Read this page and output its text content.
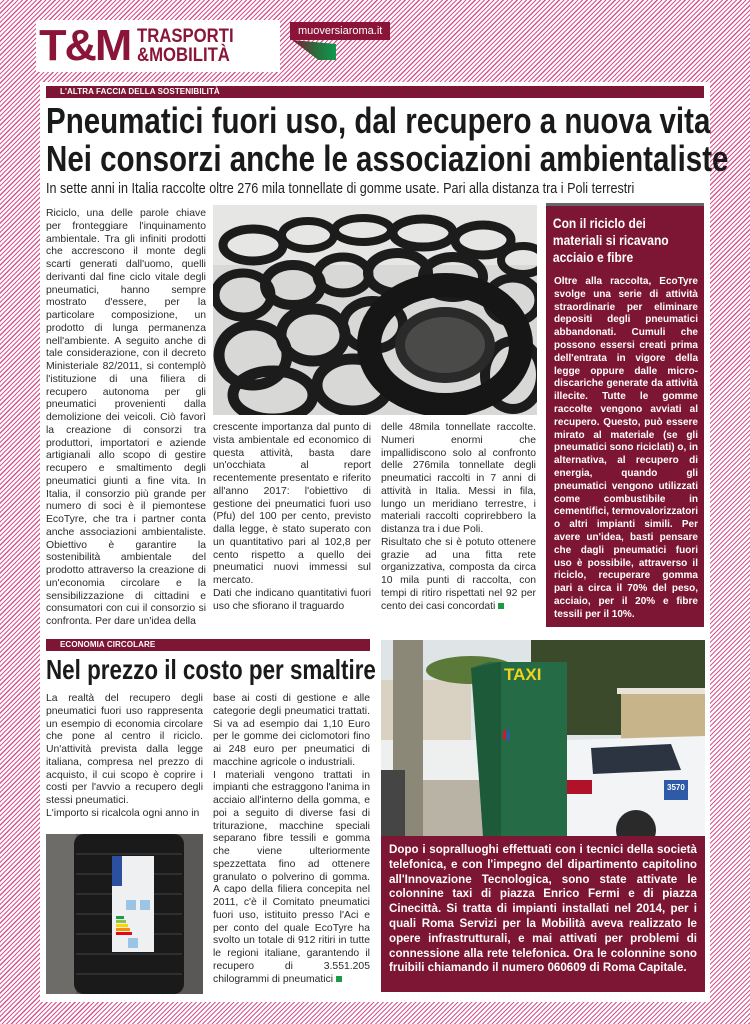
T&M TRASPORTI
&MOBILITÀ
muoversiaroma.it
L'ALTRA FACCIA DELLA SOSTENIBILITÀ
Pneumatici fuori uso, dal recupero a nuova vita
Nei consorzi anche le associazioni ambientaliste
In sette anni in Italia raccolte oltre 276 mila tonnellate di gomme usate. Pari alla distanza tra i Poli terrestri

Riciclo, una delle parole chiave per fronteggiare l'inquinamento ambientale. Tra gli infiniti prodotti che accrescono il monte degli scarti generati dall'uomo, quelli derivanti dal fine ciclo vitale degli pneumatici, hanno sempre mostrato d'essere, per la particolare composizione, un prodotto di lunga permanenza nell'ambiente. A seguito anche di tale considerazione, con il decreto Ministeriale 82/2011, si contemplò l'istituzione di una filiera di recupero autonoma per gli pneumatici provenienti dalla demolizione dei veicoli. Ciò favorì la creazione di consorzi tra produttori, importatori e aziende artigianali allo scopo di gestire recupero e smaltimento degli pneumatici giunti a fine vita. In Italia, il consorzio più grande per numero di soci è il piemontese EcoTyre, che tra i partner conta anche associazioni ambientaliste. Obiettivo è garantire la sostenibilità ambientale del prodotto attraverso la creazione di un'economia circolare e la sensibilizzazione di cittadini e consumatori con cui il consorzio si confronta. Per dare un'idea della

crescente importanza dal punto di vista ambientale ed economico di questa attività, basta dare un'occhiata al report recentemente presentato e riferito all'anno 2017: l'obiettivo di gestione dei pneumatici fuori uso (Pfu) del 100 per cento, previsto dalla legge, è stato superato con un quantitativo pari al 102,8 per cento rispetto a quello dei pneumatici nuovi immessi sul mercato.

Dati che indicano quantitativi fuori uso che sfiorano il traguardo

delle 48mila tonnellate raccolte. Numeri enormi che impallidiscono solo al confronto delle 276mila tonnellate degli pneumatici raccolti in 7 anni di attività in Italia. Messi in fila, lungo un meridiano terrestre, i materiali raccolti coprirebbero la distanza tra i due Poli.

Risultato che si è potuto ottenere grazie ad una fitta rete organizzativa, composta da circa 10 mila punti di raccolta, con tempi di ritiro rispettati nel 92 per cento dei casi concordati

Con il riciclo dei materiali si ricavano acciaio e fibre
Oltre alla raccolta, EcoTyre svolge una serie di attività straordinarie per eliminare depositi degli pneumatici abbandonati. Cumuli che possono essersi creati prima dell'entrata in vigore della legge oppure dalle micro-discariche generate da attività illecite. Tutte le gomme raccolte vengono avviati al recupero. Questo, può essere mirato al materiale (se gli pneumatici sono riciclati) o, in alternativa, al recupero di energia, quando gli pneumatici vengono utilizzati come combustibile in cementifici, termovalorizzatori o altri impianti simili. Per avere un'idea, basti pensare che dagli pneumatici fuori uso è possibile, attraverso il riciclo, recuperare gomma pari a circa il 70% del peso, acciaio, per il 20% e fibre tessili per il 10%.
ECONOMIA CIRCOLARE
Nel prezzo il costo per smaltire

La realtà del recupero degli pneumatici fuori uso rappresenta un esempio di economia circolare che pone al centro il riciclo. Un'attività prevista dalla legge italiana, compresa nel prezzo di acquisto, il cui scopo è coprire i costi per l'avvio a recupero degli stessi pneumatici.

L'importo si ricalcola ogni anno in

base ai costi di gestione e alle categorie degli pneumatici trattati. Si va ad esempio dai 1,10 Euro per le gomme dei ciclomotori fino ai 248 euro per pneumatici di macchine agricole o industriali.

I materiali vengono trattati in impianti che estraggono l'anima in acciaio all'interno della gomma, e poi a seguito di diverse fasi di triturazione, macchine speciali separano fibre tessili e gomma che viene ulteriormente spezzettata fino ad ottenere granulato o polverino di gomma. A capo della filiera concepita nel 2011, c'è il Comitato pneumatici fuori uso, istituito presso l'Aci e per conto del quale EcoTyre ha svolto un totale di 912 ritiri in tutte le regioni italiane, garantendo il recupero di 3.551.205 chilogrammi di pneumatici

3570
TAXI
Dopo i sopralluoghi effettuati con i tecnici della società telefonica, e con l'impegno del dipartimento capitolino all'Innovazione Tecnologica, sono state attivate le colonnine taxi di piazza Enrico Fermi e di piazza Cinecittà. Si tratta di impianti installati nel 2014, per i quali Roma Servizi per la Mobilità aveva realizzato le opere infrastrutturali, e mai attivati per problemi di connessione alla rete telefonica. Ora le colonnine sono fruibili chiamando il numero 060609 di Roma Capitale.
